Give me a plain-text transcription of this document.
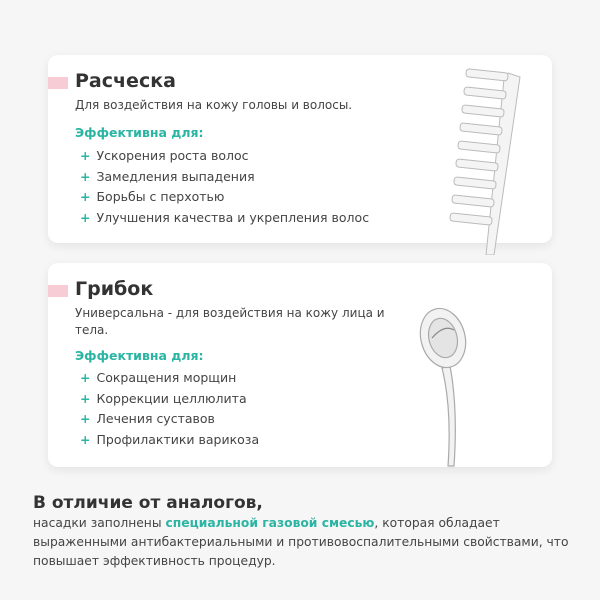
Расческа
Для воздействия на кожу головы и волосы.
Эффективна для:
+ Ускорения роста волос
+ Замедления выпадения
+ Борьбы с перхотью
+ Улучшения качества и укрепления волос
Грибок
Универсальна - для воздействия на кожу лица и тела.
Эффективна для:
+ Сокращения морщин
+ Коррекции целлюлита
+ Лечения суставов
+ Профилактики варикоза
В отличие от аналогов,
насадки заполнены специальной газовой смесью, которая обладает выраженными антибактериальными и противовоспалительными свойствами, что повышает эффективность процедур.
